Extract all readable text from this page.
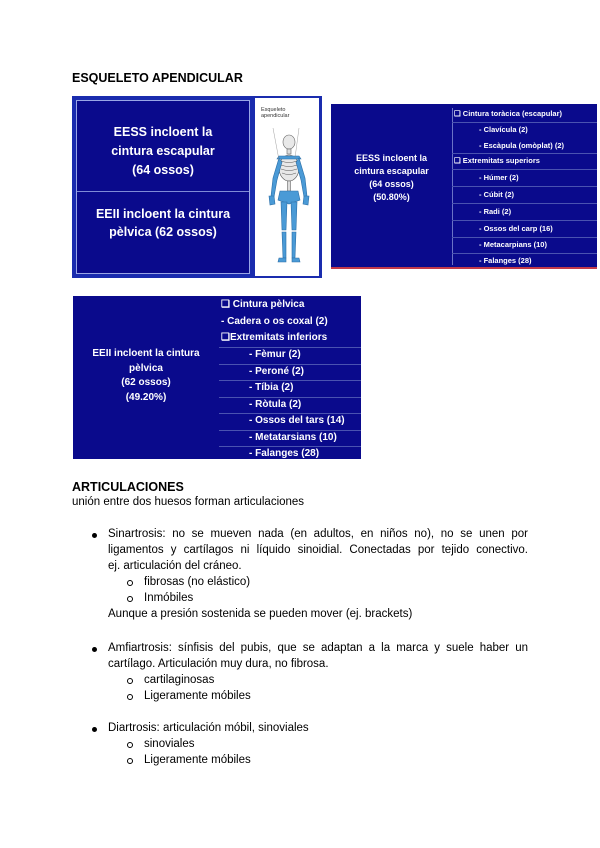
ESQUELETO APENDICULAR
EESS incloent la
cintura escapular
(64 ossos)
EEII incloent la cintura
pèlvica (62 ossos)
Esqueleto
apendicular
EESS incloent la
cintura escapular
(64 ossos)
(50.80%)
❑ Cintura toràcica (escapular)
- Clavícula (2)
- Escàpula (omòplat) (2)
❑ Extremitats superiors
- Húmer (2)
- Cúbit (2)
- Radi (2)
- Ossos del carp (16)
- Metacarpians (10)
- Falanges (28)
EEII incloent la cintura
pèlvica
(62 ossos)
(49.20%)
❑ Cintura pèlvica
- Cadera o os coxal (2)
❑Extremitats inferiors
- Fèmur (2)
- Peroné (2)
- Tíbia (2)
- Ròtula (2)
- Ossos del tars (14)
- Metatarsians (10)
- Falanges (28)
ARTICULACIONES
unión entre dos huesos forman articulaciones
Sinartrosis: no se mueven nada (en adultos, en niños no), no se unen por
ligamentos y cartílagos ni líquido sinoidial. Conectadas por tejido conectivo.
ej. articulación del cráneo.
fibrosas (no elástico)
Inmóbiles
Aunque a presión sostenida se pueden mover (ej. brackets)
Amfiartrosis: sínfisis del pubis, que se adaptan a la marca y suele haber un
cartílago. Articulación muy dura, no fibrosa.
cartilaginosas
Ligeramente móbiles
Diartrosis: articulación móbil, sinoviales
sinoviales
Ligeramente móbiles
